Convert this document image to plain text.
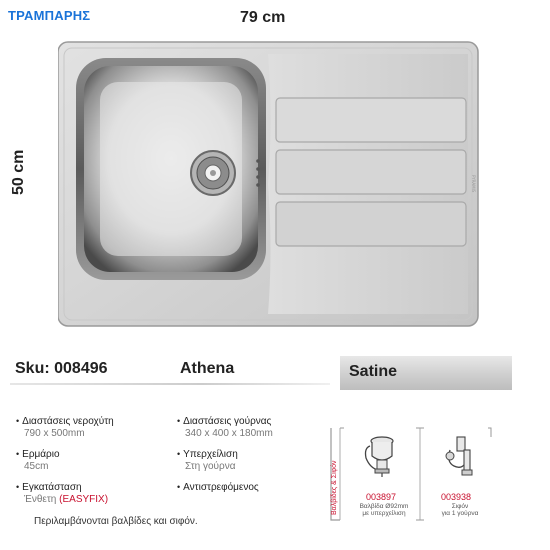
ΤΡΑΜΠΑΡΗΣ	79 cm
50 cm	PYRAMIS
Sku: 008496	Athena	Satine
• Διαστάσεις νεροχύτη
790 x 500mm
• Ερμάριο
45cm
• Εγκατάσταση
Ένθετη (EASYFIX)
• Διαστάσεις γούρνας
340 x 400 x 180mm
• Υπερχείλιση
Στη γούρνα
• Αντιστρεφόμενος
Περιλαμβάνονται βαλβίδες και σιφόν.
Βαλβίδες & Σιφόν	003897
Βαλβίδα Ø92mm
με υπερχείλιση
003938
Σιφόν
για 1 γούρνα
